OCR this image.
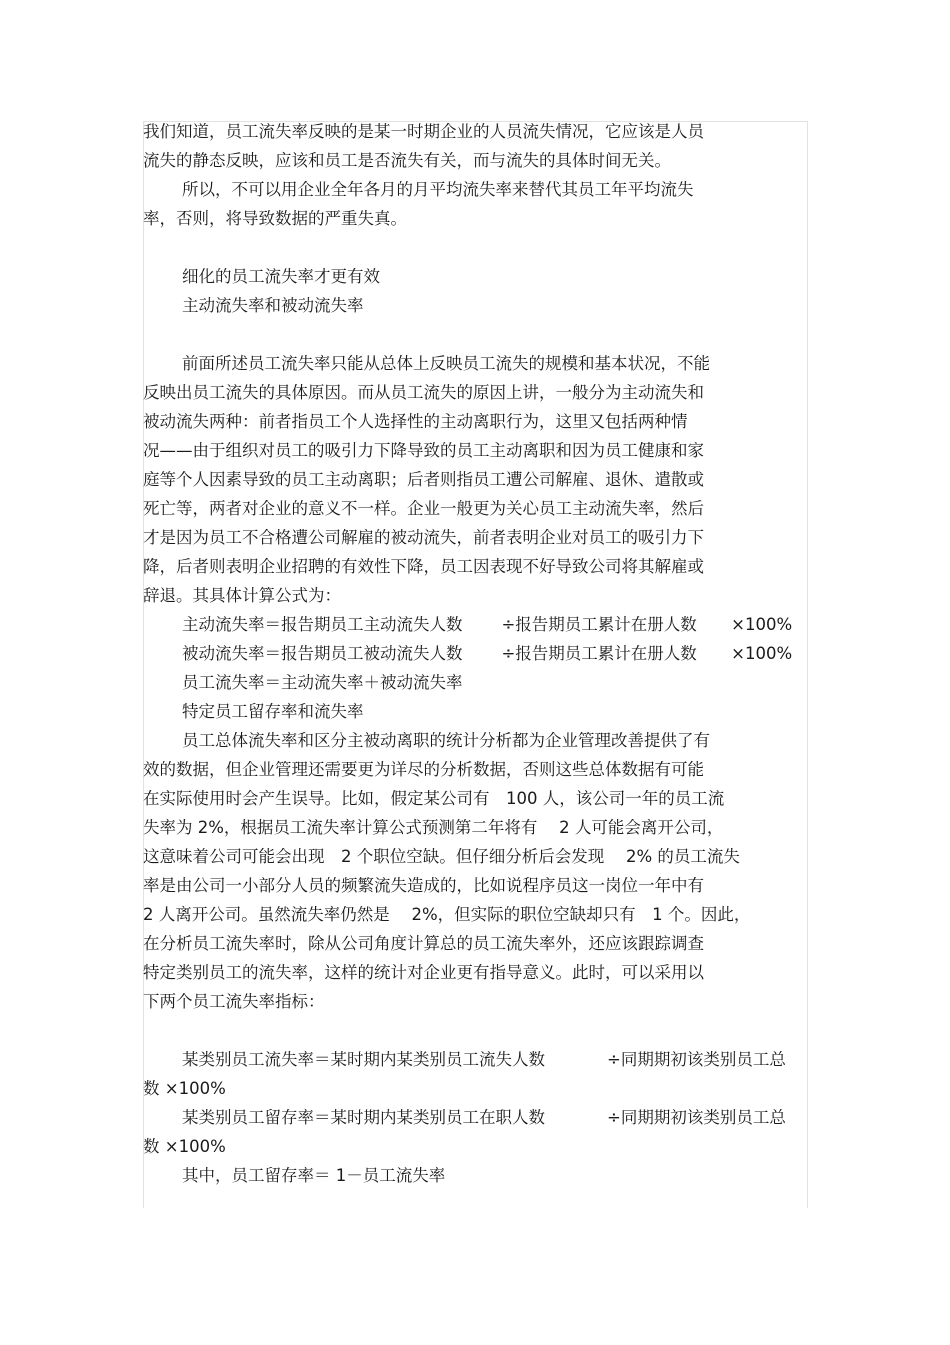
我们知道，员工流失率反映的是某一时期企业的人员流失情况，它应该是人员
流失的静态反映，应该和员工是否流失有关，而与流失的具体时间无关。
所以，不可以用企业全年各月的月平均流失率来替代其员工年平均流失
率，否则，将导致数据的严重失真。
细化的员工流失率才更有效
主动流失率和被动流失率
前面所述员工流失率只能从总体上反映员工流失的规模和基本状况，不能
反映出员工流失的具体原因。而从员工流失的原因上讲，一般分为主动流失和
被动流失两种：前者指员工个人选择性的主动离职行为，这里又包括两种情
况——由于组织对员工的吸引力下降导致的员工主动离职和因为员工健康和家
庭等个人因素导致的员工主动离职；后者则指员工遭公司解雇、退休、遣散或
死亡等，两者对企业的意义不一样。企业一般更为关心员工主动流失率，然后
才是因为员工不合格遭公司解雇的被动流失，前者表明企业对员工的吸引力下
降，后者则表明企业招聘的有效性下降，员工因表现不好导致公司将其解雇或
辞退。其具体计算公式为：
主动流失率＝报告期员工主动流失人数	÷报告期员工累计在册人数	×100%
被动流失率＝报告期员工被动流失人数	÷报告期员工累计在册人数	×100%
员工流失率＝主动流失率＋被动流失率
特定员工留存率和流失率
员工总体流失率和区分主被动离职的统计分析都为企业管理改善提供了有
效的数据，但企业管理还需要更为详尽的分析数据，否则这些总体数据有可能
在实际使用时会产生误导。比如，假定某公司有　100 人，该公司一年的员工流
失率为 2%，根据员工流失率计算公式预测第二年将有　 2 人可能会离开公司，
这意味着公司可能会出现　2 个职位空缺。但仔细分析后会发现　 2% 的员工流失
率是由公司一小部分人员的频繁流失造成的，比如说程序员这一岗位一年中有
2 人离开公司。虽然流失率仍然是　 2%，但实际的职位空缺却只有　1 个。因此，
在分析员工流失率时，除从公司角度计算总的员工流失率外，还应该跟踪调查
特定类别员工的流失率，这样的统计对企业更有指导意义。此时，可以采用以
下两个员工流失率指标：
某类别员工流失率＝某时期内某类别员工流失人数	÷同期期初该类别员工总
数 ×100%
某类别员工留存率＝某时期内某类别员工在职人数	÷同期期初该类别员工总
数 ×100%
其中，员工留存率＝ 1－员工流失率
